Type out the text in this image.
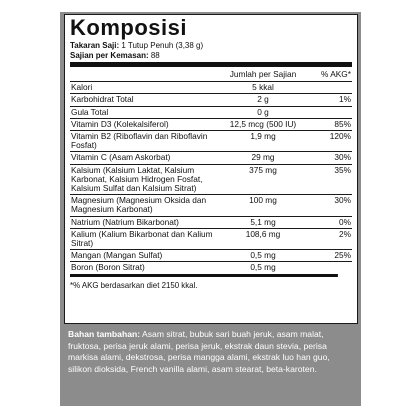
Komposisi
Takaran Saji: 1 Tutup Penuh (3,38 g)
Sajian per Kemasan: 88
	Jumlah per Sajian	% AKG*
Kalori	5 kkal	
Karbohidrat Total	2 g	1%
Gula Total	0 g	
Vitamin D3 (Kolekalsiferol)	12,5 mcg (500 IU)	85%
Vitamin B2 (Riboflavin dan Riboflavin Fosfat)	1,9 mg	120%
Vitamin C (Asam Askorbat)	29 mg	30%
Kalsium (Kalsium Laktat, Kalsium Karbonat, Kalsium Hidrogen Fosfat, Kalsium Sulfat dan Kalsium Sitrat)	375 mg	35%
Magnesium (Magnesium Oksida dan Magnesium Karbonat)	100 mg	30%
Natrium (Natrium Bikarbonat)	5,1 mg	0%
Kalium (Kalium Bikarbonat dan Kalium Sitrat)	108,6 mg	2%
Mangan (Mangan Sulfat)	0,5 mg	25%
Boron (Boron Sitrat)	0,5 mg	
*% AKG berdasarkan diet 2150 kkal.
Bahan tambahan: Asam sitrat, bubuk sari buah jeruk, asam malat, fruktosa, perisa jeruk alami, perisa jeruk, ekstrak daun stevia, perisa markisa alami, dekstrosa, perisa mangga alami, ekstrak luo han guo, silikon dioksida, French vanilla alami, asam stearat, beta-karoten.
